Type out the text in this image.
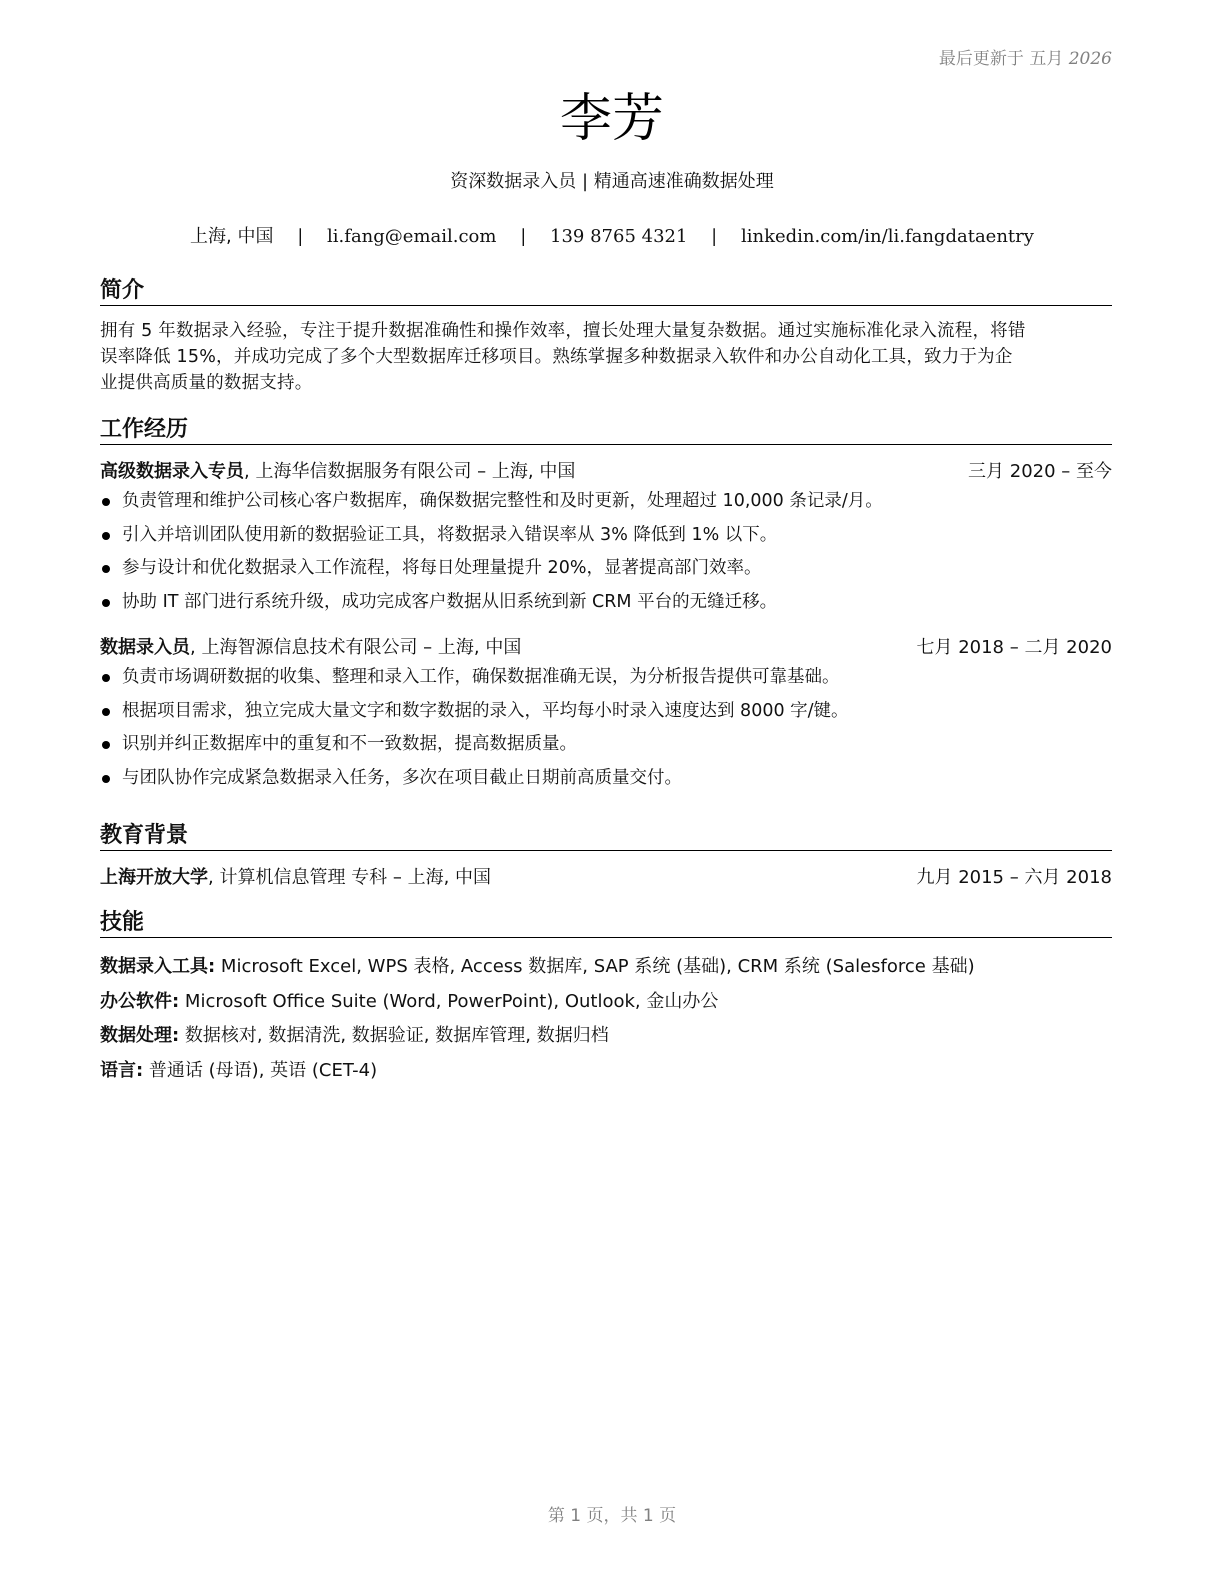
最后更新于 五月 2026
李芳
资深数据录入员 | 精通高速准确数据处理
上海, 中国 | li.fang@email.com | 139 8765 4321 | linkedin.com/in/li.fangdataentry
简介
拥有 5 年数据录入经验，专注于提升数据准确性和操作效率，擅长处理大量复杂数据。通过实施标准化录入流程，将错
误率降低 15%，并成功完成了多个大型数据库迁移项目。熟练掌握多种数据录入软件和办公自动化工具，致力于为企
业提供高质量的数据支持。
工作经历
高级数据录入专员, 上海华信数据服务有限公司 – 上海, 中国	三月 2020 – 至今
负责管理和维护公司核心客户数据库，确保数据完整性和及时更新，处理超过 10,000 条记录/月。
引入并培训团队使用新的数据验证工具，将数据录入错误率从 3% 降低到 1% 以下。
参与设计和优化数据录入工作流程，将每日处理量提升 20%，显著提高部门效率。
协助 IT 部门进行系统升级，成功完成客户数据从旧系统到新 CRM 平台的无缝迁移。
数据录入员, 上海智源信息技术有限公司 – 上海, 中国	七月 2018 – 二月 2020
负责市场调研数据的收集、整理和录入工作，确保数据准确无误，为分析报告提供可靠基础。
根据项目需求，独立完成大量文字和数字数据的录入，平均每小时录入速度达到 8000 字/键。
识别并纠正数据库中的重复和不一致数据，提高数据质量。
与团队协作完成紧急数据录入任务，多次在项目截止日期前高质量交付。
教育背景
上海开放大学, 计算机信息管理 专科 – 上海, 中国	九月 2015 – 六月 2018
技能
数据录入工具: Microsoft Excel, WPS 表格, Access 数据库, SAP 系统 (基础), CRM 系统 (Salesforce 基础)
办公软件: Microsoft Office Suite (Word, PowerPoint), Outlook, 金山办公
数据处理: 数据核对, 数据清洗, 数据验证, 数据库管理, 数据归档
语言: 普通话 (母语), 英语 (CET-4)
第 1 页，共 1 页
